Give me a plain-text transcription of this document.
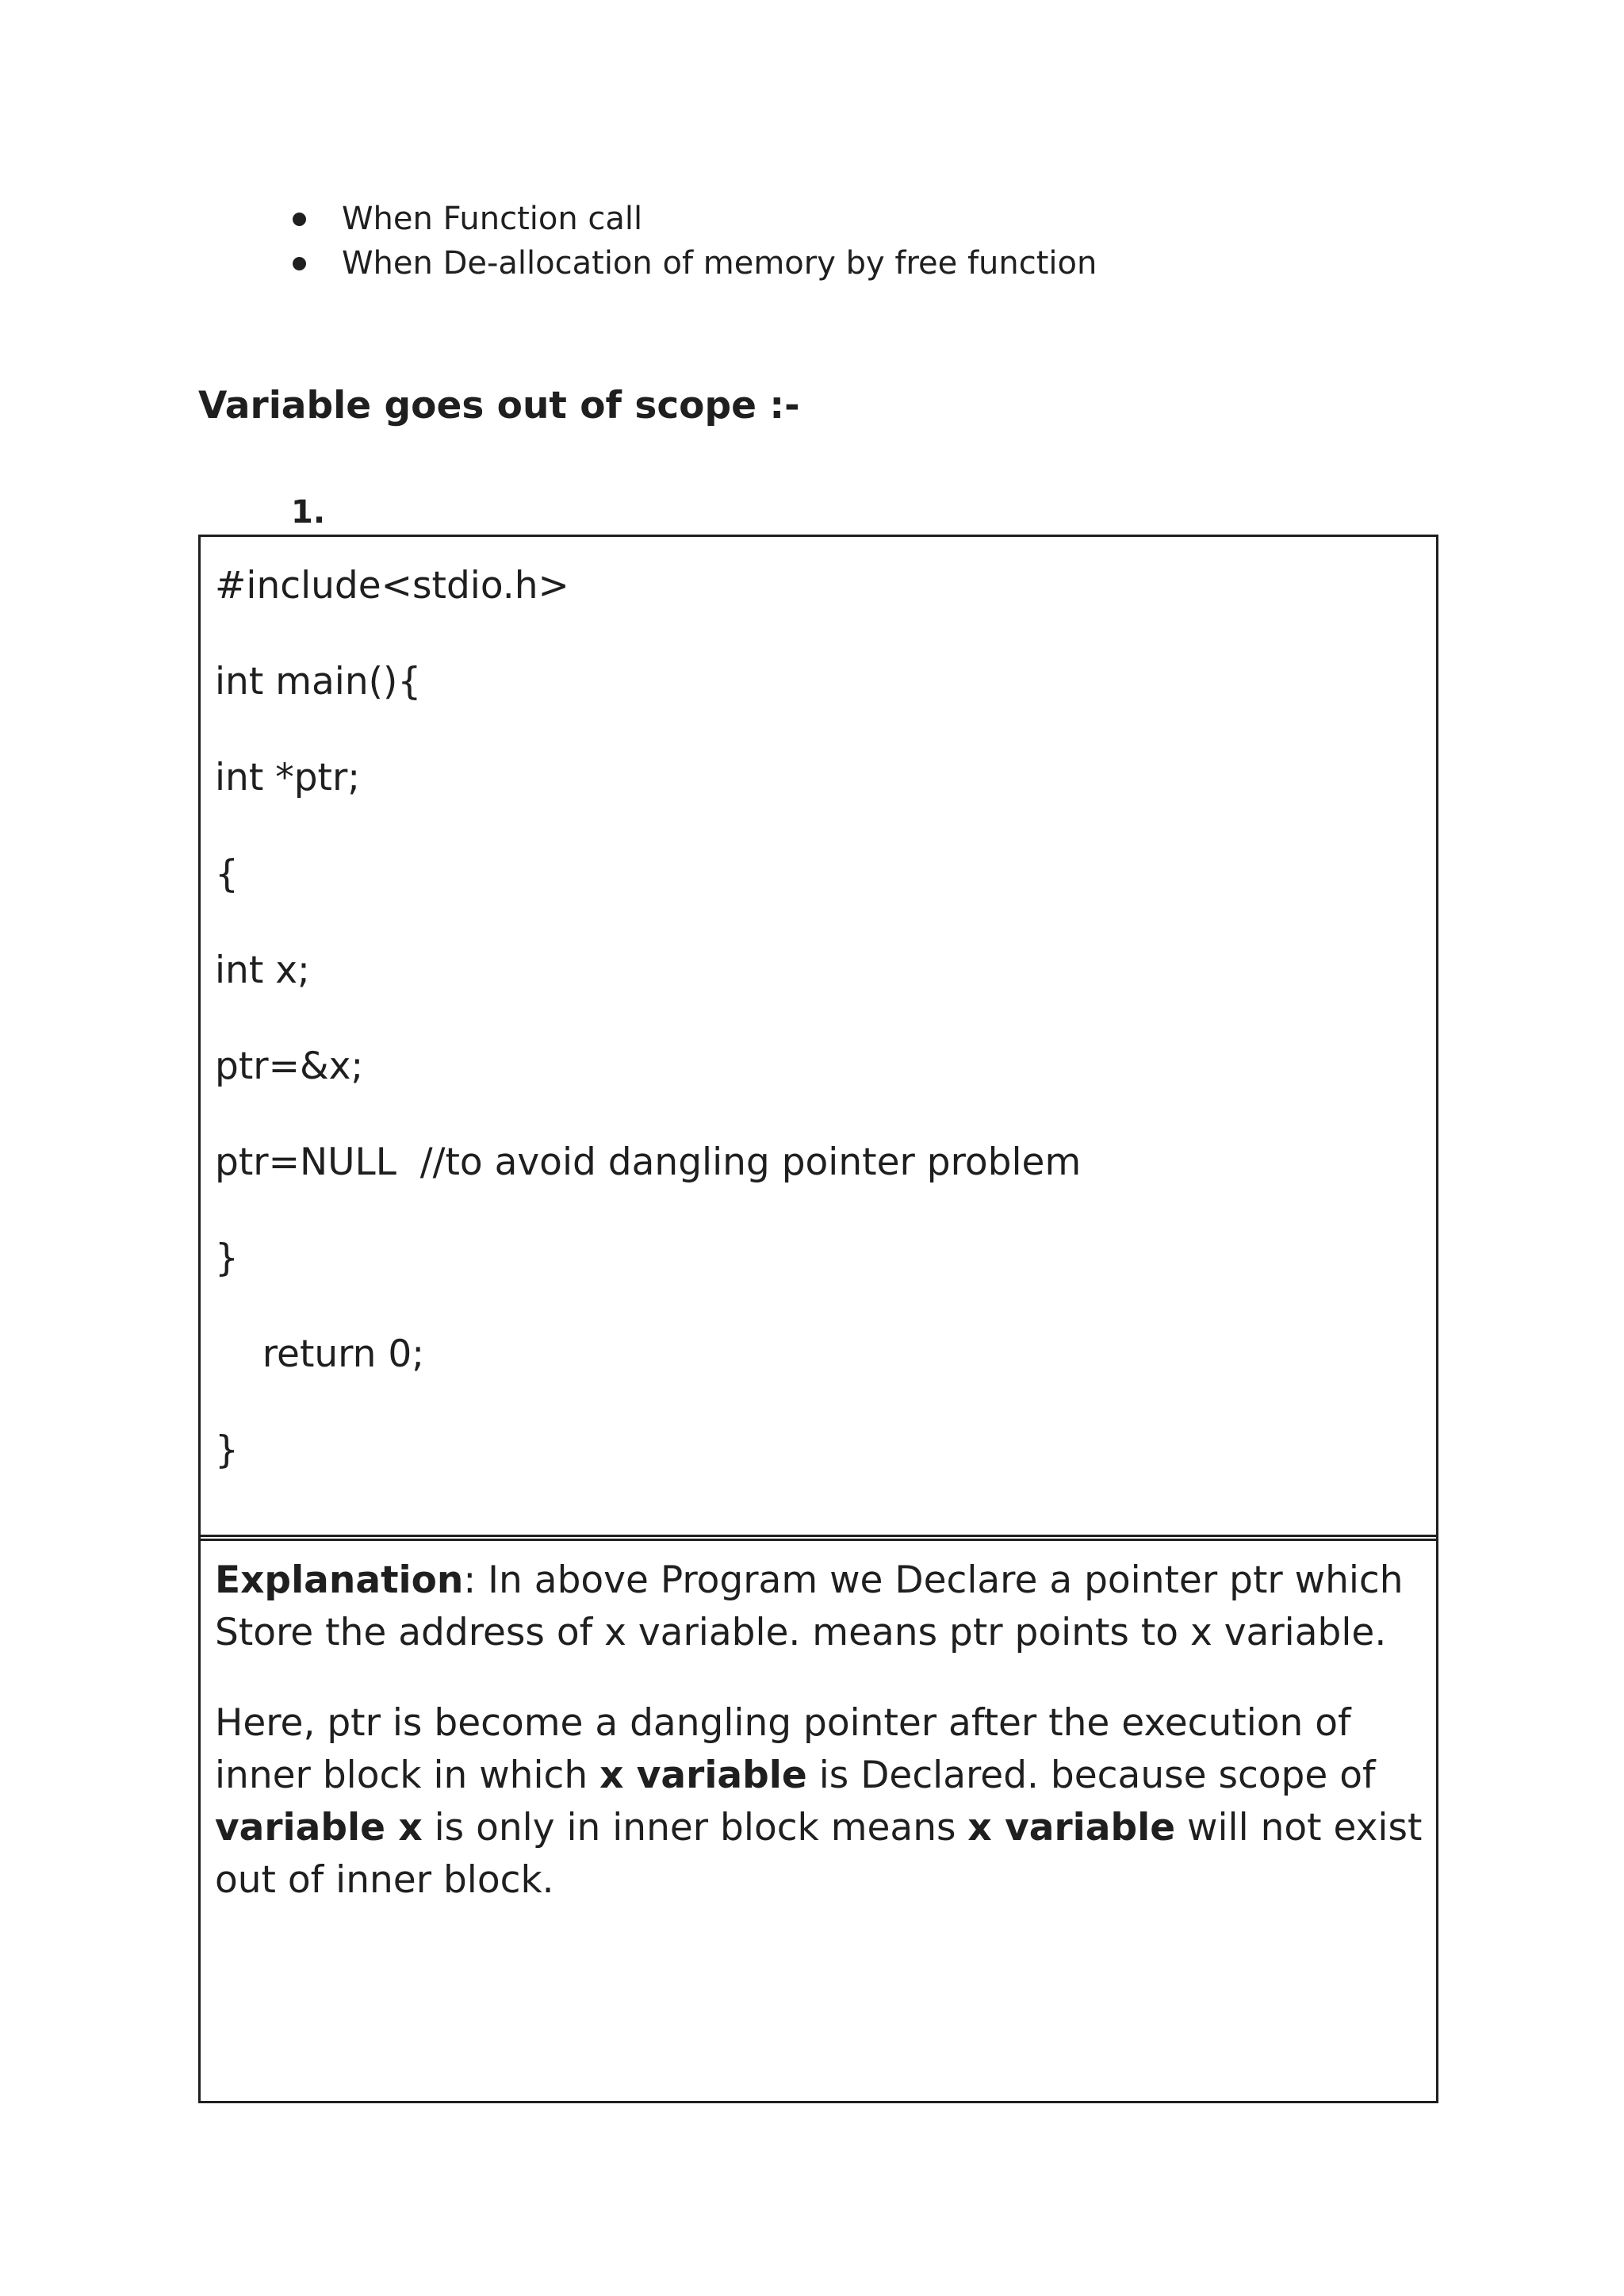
When Function call
When De-allocation of memory by free function
Variable goes out of scope :-
1.
#include<stdio.h>
int main(){
int *ptr;
{
int x;
ptr=&x;
ptr=NULL  //to avoid dangling pointer problem
}
return 0;
}

Explanation: In above Program we Declare a pointer ptr which Store the address of x variable. means ptr points to x variable.

Here, ptr is become a dangling pointer after the execution of inner block in which x variable is Declared. because scope of variable x is only in inner block means x variable will not exist out of inner block.
